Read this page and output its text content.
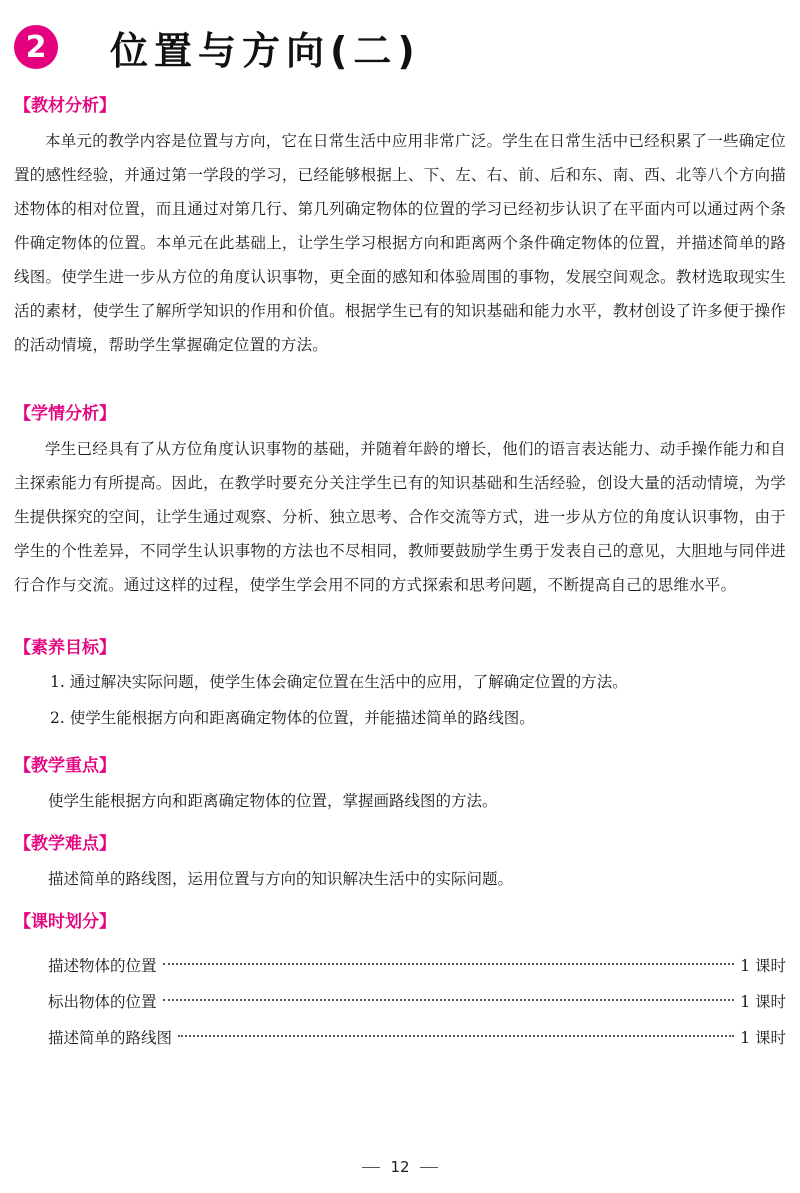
2	位置与方向(二)
【教材分析】

本单元的教学内容是位置与方向，它在日常生活中应用非常广泛。学生在日常生活中已经积累了一些确定位置的感性经验，并通过第一学段的学习，已经能够根据上、下、左、右、前、后和东、南、西、北等八个方向描述物体的相对位置，而且通过对第几行、第几列确定物体的位置的学习已经初步认识了在平面内可以通过两个条件确定物体的位置。本单元在此基础上，让学生学习根据方向和距离两个条件确定物体的位置，并描述简单的路线图。使学生进一步从方位的角度认识事物，更全面的感知和体验周围的事物，发展空间观念。教材选取现实生活的素材，使学生了解所学知识的作用和价值。根据学生已有的知识基础和能力水平，教材创设了许多便于操作的活动情境，帮助学生掌握确定位置的方法。

【学情分析】

学生已经具有了从方位角度认识事物的基础，并随着年龄的增长，他们的语言表达能力、动手操作能力和自主探索能力有所提高。因此，在教学时要充分关注学生已有的知识基础和生活经验，创设大量的活动情境，为学生提供探究的空间，让学生通过观察、分析、独立思考、合作交流等方式，进一步从方位的角度认识事物，由于学生的个性差异，不同学生认识事物的方法也不尽相同，教师要鼓励学生勇于发表自己的意见，大胆地与同伴进行合作与交流。通过这样的过程，使学生学会用不同的方式探索和思考问题，不断提高自己的思维水平。

【素养目标】
1. 通过解决实际问题，使学生体会确定位置在生活中的应用，了解确定位置的方法。
2. 使学生能根据方向和距离确定物体的位置，并能描述简单的路线图。
【教学重点】
使学生能根据方向和距离确定物体的位置，掌握画路线图的方法。
【教学难点】
描述简单的路线图，运用位置与方向的知识解决生活中的实际问题。
【课时划分】
描述物体的位置	1 课时
标出物体的位置	1 课时
描述简单的路线图	1 课时
12
